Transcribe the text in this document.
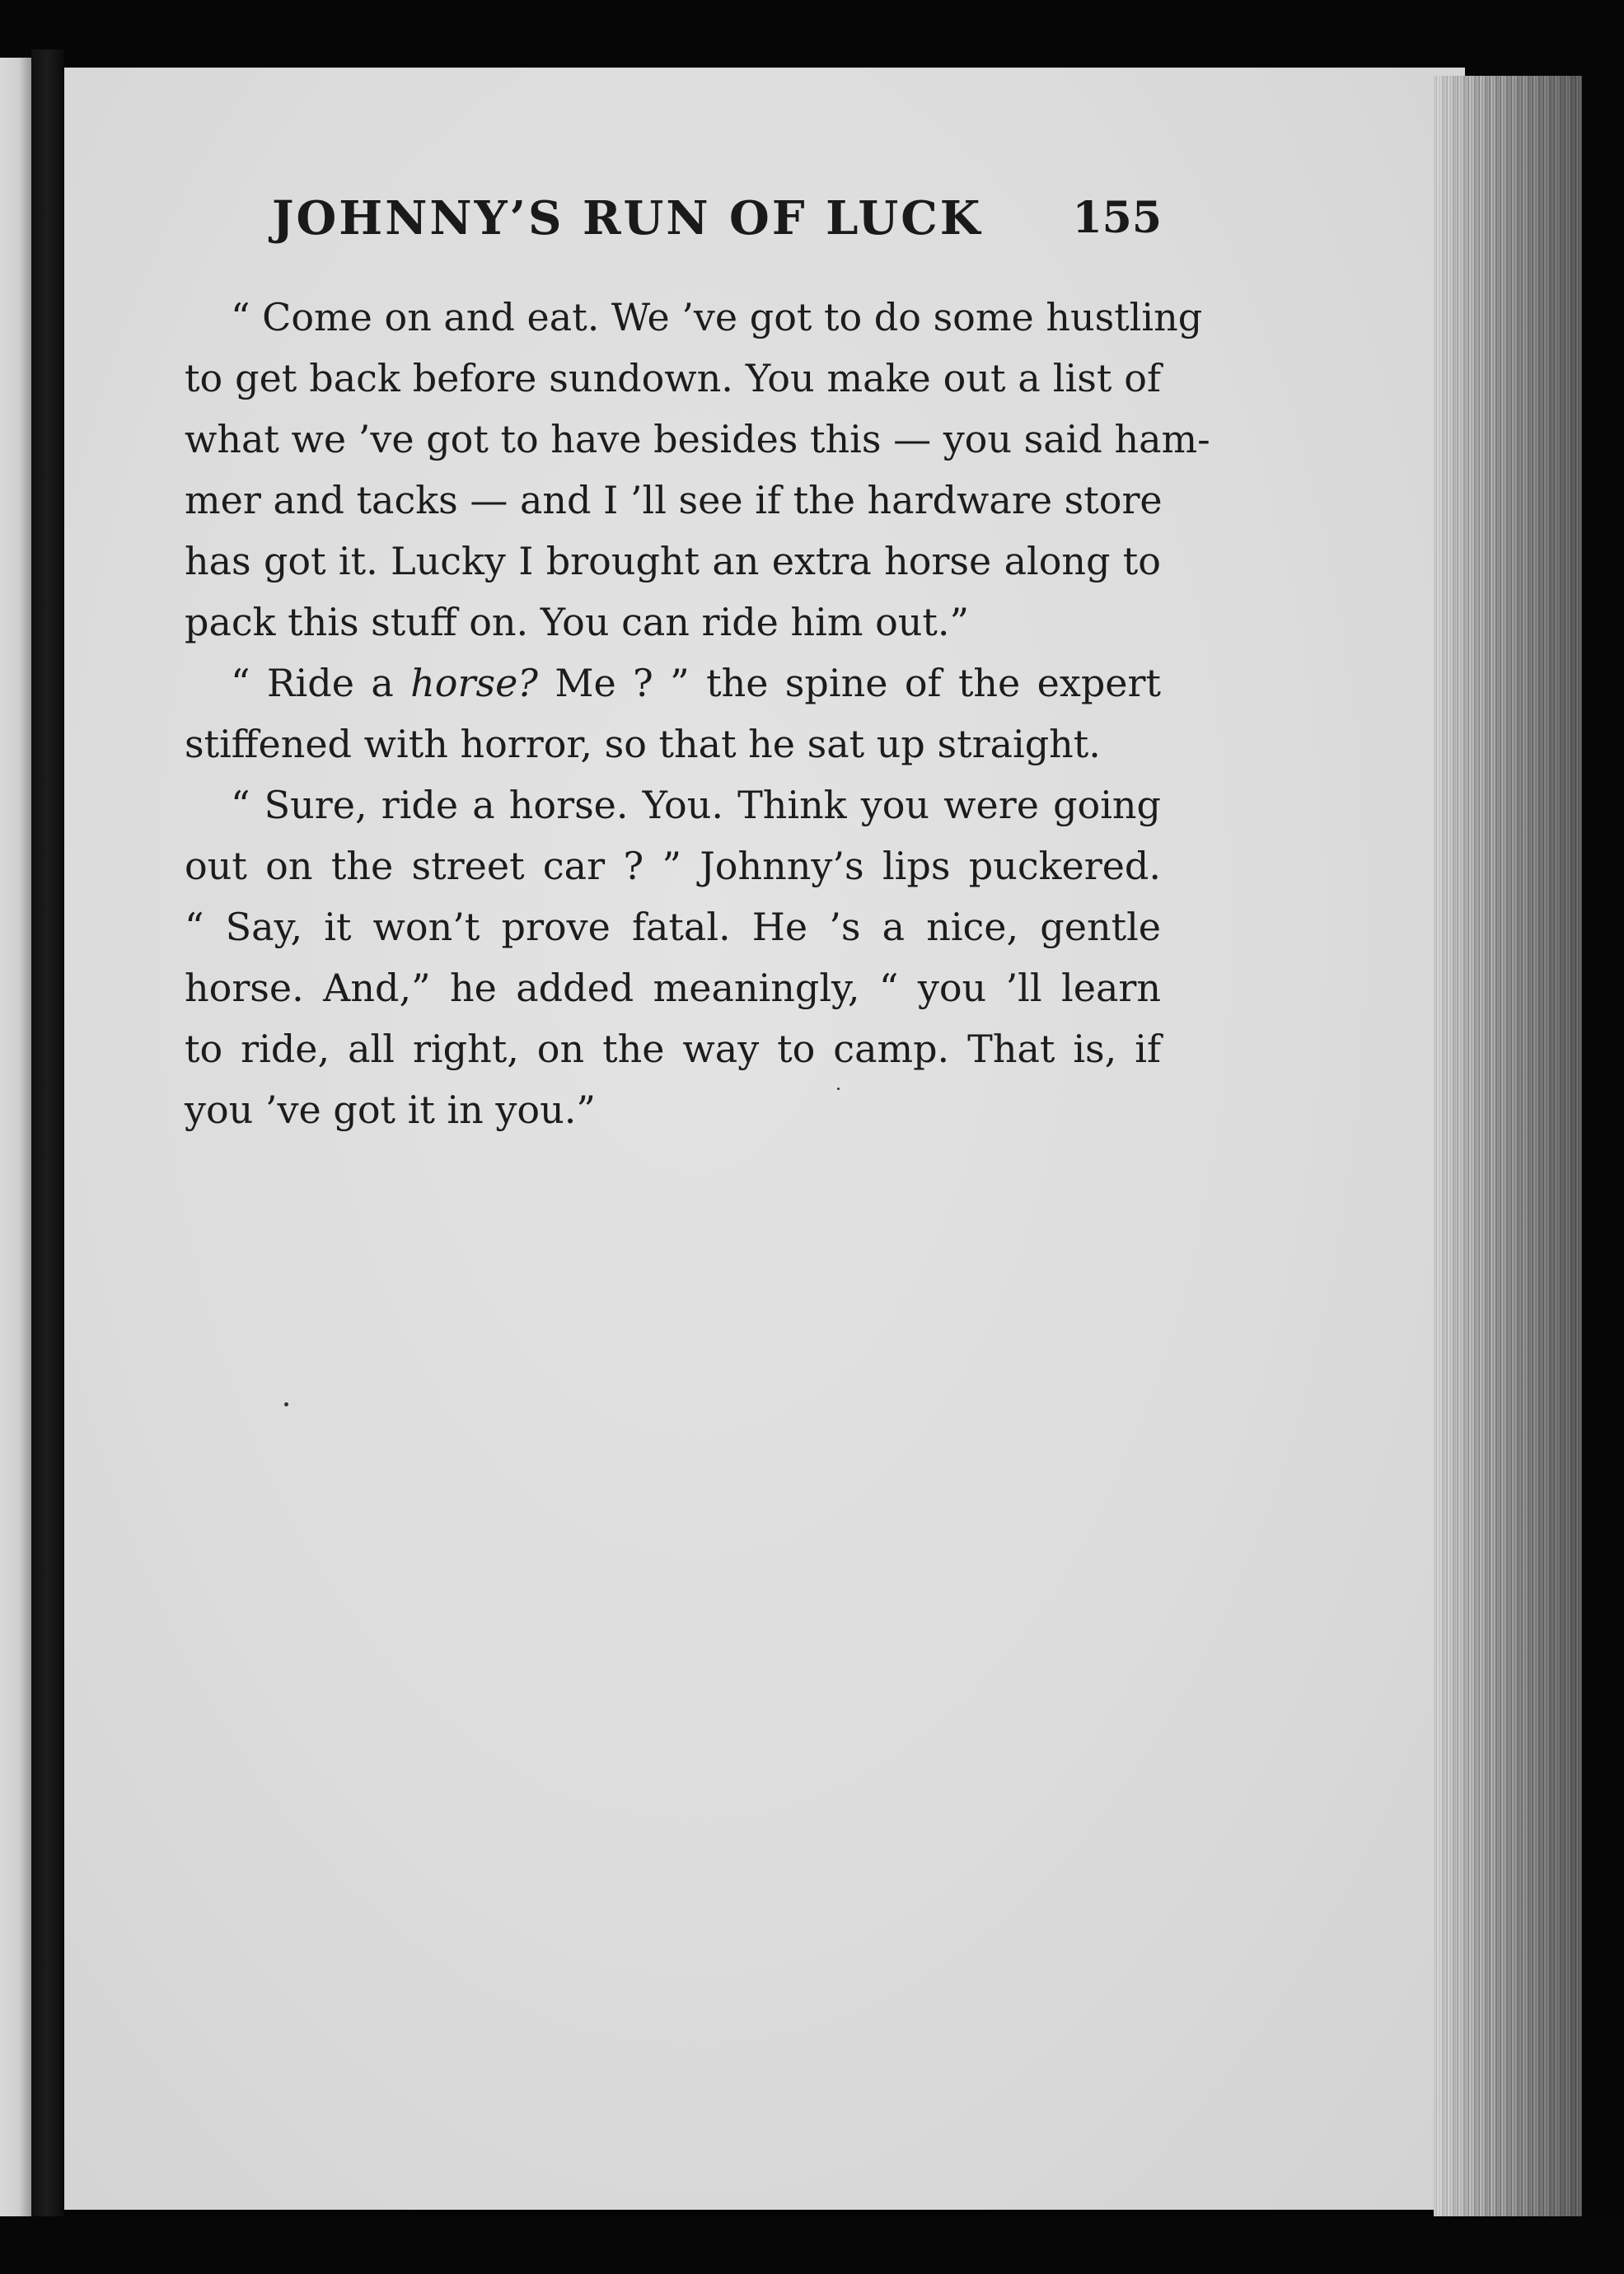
JOHNNY’S RUN OF LUCK 155
“ Come on and eat. We ’ve got to do some hustling
to get back before sundown. You make out a list of
what we ’ve got to have besides this — you said ham-
mer and tacks — and I ’ll see if the hardware store
has got it. Lucky I brought an extra horse along to
pack this stuff on. You can ride him out.”
“ Ride a horse? Me ? ” the spine of the expert
stiffened with horror, so that he sat up straight.
“ Sure, ride a horse. You. Think you were going
out on the street car ? ” Johnny’s lips puckered.
“ Say, it won’t prove fatal. He ’s a nice, gentle
horse. And,” he added meaningly, “ you ’ll learn
to ride, all right, on the way to camp. That is, if
you ’ve got it in you.”
